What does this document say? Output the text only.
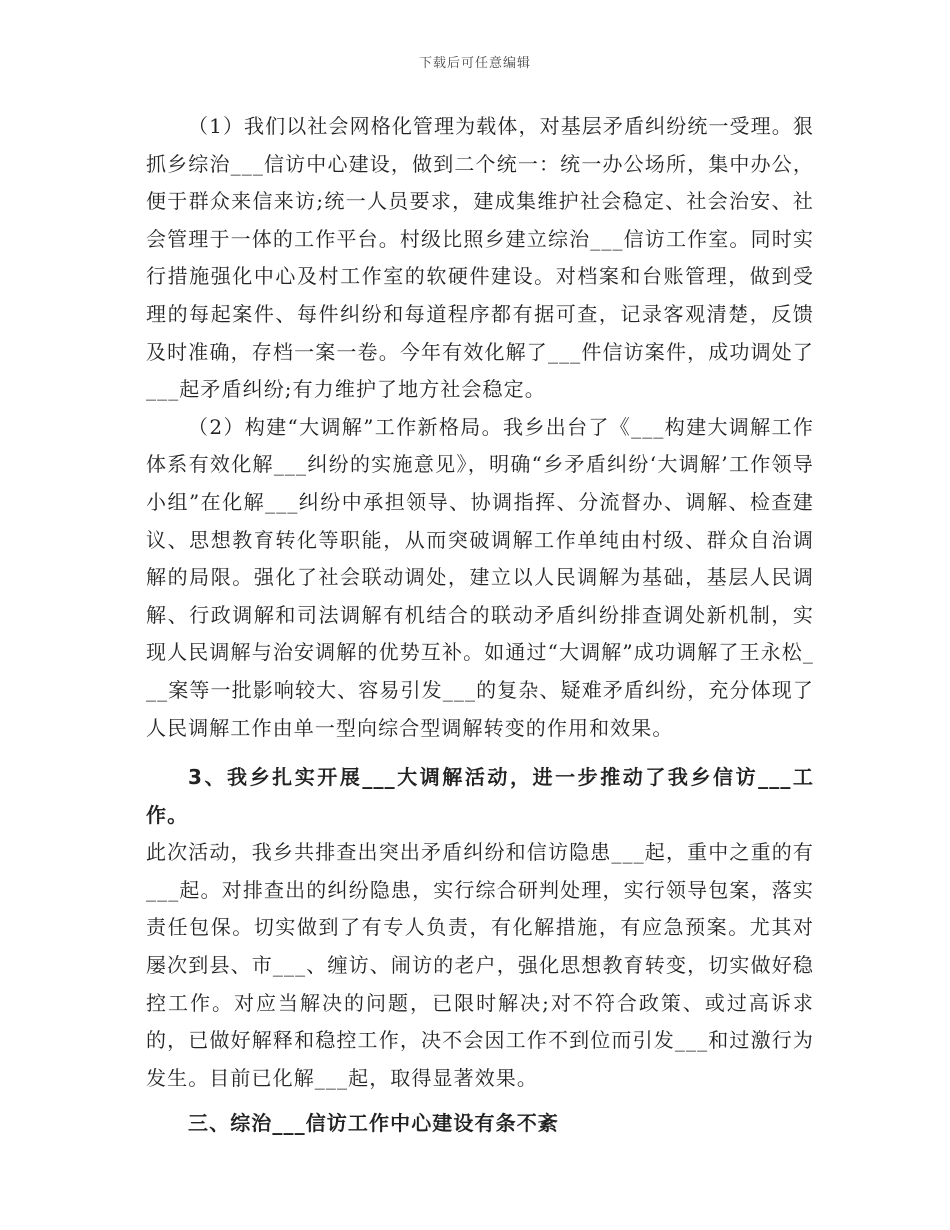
下载后可任意编辑

（1）我们以社会网格化管理为载体，对基层矛盾纠纷统一受理。狠抓乡综治___信访中心建设，做到二个统一：统一办公场所，集中办公，便于群众来信来访;统一人员要求，建成集维护社会稳定、社会治安、社会管理于一体的工作平台。村级比照乡建立综治___信访工作室。同时实行措施强化中心及村工作室的软硬件建设。对档案和台账管理，做到受理的每起案件、每件纠纷和每道程序都有据可查，记录客观清楚，反馈及时准确，存档一案一卷。今年有效化解了___件信访案件，成功调处了___起矛盾纠纷;有力维护了地方社会稳定。

（2）构建“大调解”工作新格局。我乡出台了《___构建大调解工作体系有效化解___纠纷的实施意见》，明确“乡矛盾纠纷‘大调解’工作领导小组”在化解___纠纷中承担领导、协调指挥、分流督办、调解、检查建议、思想教育转化等职能，从而突破调解工作单纯由村级、群众自治调解的局限。强化了社会联动调处，建立以人民调解为基础，基层人民调解、行政调解和司法调解有机结合的联动矛盾纠纷排查调处新机制，实现人民调解与治安调解的优势互补。如通过“大调解”成功调解了王永松___案等一批影响较大、容易引发___的复杂、疑难矛盾纠纷，充分体现了人民调解工作由单一型向综合型调解转变的作用和效果。

3、我乡扎实开展___大调解活动，进一步推动了我乡信访___工作。

此次活动，我乡共排查出突出矛盾纠纷和信访隐患___起，重中之重的有___起。对排查出的纠纷隐患，实行综合研判处理，实行领导包案，落实责任包保。切实做到了有专人负责，有化解措施，有应急预案。尤其对屡次到县、市___、缠访、闹访的老户，强化思想教育转变，切实做好稳控工作。对应当解决的问题，已限时解决;对不符合政策、或过高诉求的，已做好解释和稳控工作，决不会因工作不到位而引发___和过激行为发生。目前已化解___起，取得显著效果。

三、综治___信访工作中心建设有条不紊
